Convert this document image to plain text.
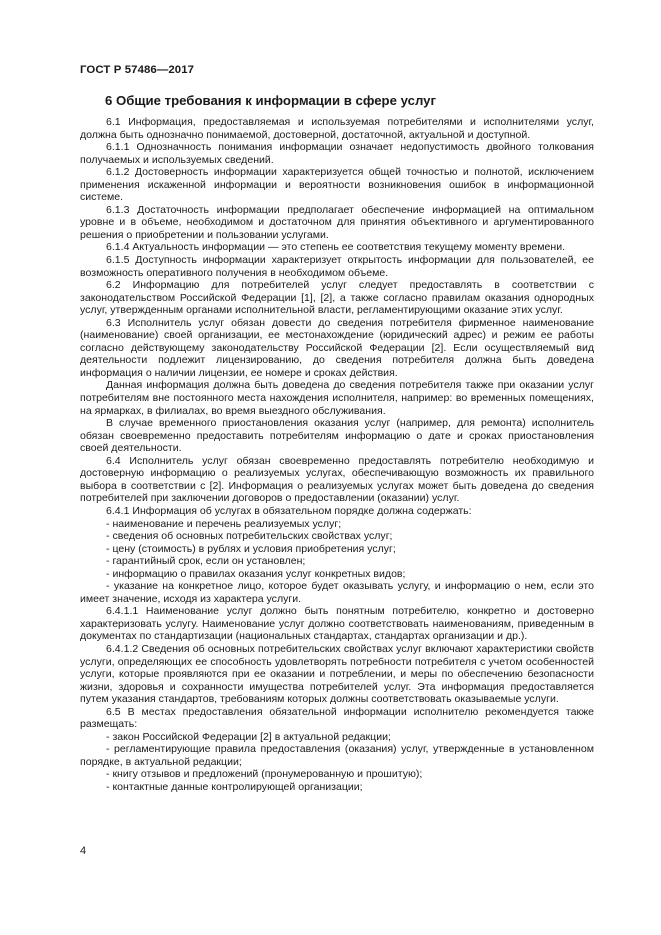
ГОСТ Р 57486—2017
6 Общие требования к информации в сфере услуг

6.1 Информация, предоставляемая и используемая потребителями и исполнителями услуг, должна быть однозначно понимаемой, достоверной, достаточной, актуальной и доступной.

6.1.1 Однозначность понимания информации означает недопустимость двойного толкования получаемых и используемых сведений.

6.1.2 Достоверность информации характеризуется общей точностью и полнотой, исключением применения искаженной информации и вероятности возникновения ошибок в информационной системе.

6.1.3 Достаточность информации предполагает обеспечение информацией на оптимальном уровне и в объеме, необходимом и достаточном для принятия объективного и аргументированного решения о приобретении и пользовании услугами.

6.1.4 Актуальность информации — это степень ее соответствия текущему моменту времени.

6.1.5 Доступность информации характеризует открытость информации для пользователей, ее возможность оперативного получения в необходимом объеме.

6.2 Информацию для потребителей услуг следует предоставлять в соответствии с законодательством Российской Федерации [1], [2], а также согласно правилам оказания однородных услуг, утвержденным органами исполнительной власти, регламентирующими оказание этих услуг.

6.3 Исполнитель услуг обязан довести до сведения потребителя фирменное наименование (наименование) своей организации, ее местонахождение (юридический адрес) и режим ее работы согласно действующему законодательству Российской Федерации [2]. Если осуществляемый вид деятельности подлежит лицензированию, до сведения потребителя должна быть доведена информация о наличии лицензии, ее номере и сроках действия.

Данная информация должна быть доведена до сведения потребителя также при оказании услуг потребителям вне постоянного места нахождения исполнителя, например: во временных помещениях, на ярмарках, в филиалах, во время выездного обслуживания.

В случае временного приостановления оказания услуг (например, для ремонта) исполнитель обязан своевременно предоставить потребителям информацию о дате и сроках приостановления своей деятельности.

6.4 Исполнитель услуг обязан своевременно предоставлять потребителю необходимую и достоверную информацию о реализуемых услугах, обеспечивающую возможность их правильного выбора в соответствии с [2]. Информация о реализуемых услугах может быть доведена до сведения потребителей при заключении договоров о предоставлении (оказании) услуг.

6.4.1 Информация об услугах в обязательном порядке должна содержать:

- наименование и перечень реализуемых услуг;

- сведения об основных потребительских свойствах услуг;

- цену (стоимость) в рублях и условия приобретения услуг;

- гарантийный срок, если он установлен;

- информацию о правилах оказания услуг конкретных видов;

- указание на конкретное лицо, которое будет оказывать услугу, и информацию о нем, если это имеет значение, исходя из характера услуги.

6.4.1.1 Наименование услуг должно быть понятным потребителю, конкретно и достоверно характеризовать услугу. Наименование услуг должно соответствовать наименованиям, приведенным в документах по стандартизации (национальных стандартах, стандартах организации и др.).

6.4.1.2 Сведения об основных потребительских свойствах услуг включают характеристики свойств услуги, определяющих ее способность удовлетворять потребности потребителя с учетом особенностей услуги, которые проявляются при ее оказании и потреблении, и меры по обеспечению безопасности жизни, здоровья и сохранности имущества потребителей услуг. Эта информация предоставляется путем указания стандартов, требованиям которых должны соответствовать оказываемые услуги.

6.5 В местах предоставления обязательной информации исполнителю рекомендуется также размещать:

- закон Российской Федерации [2] в актуальной редакции;

- регламентирующие правила предоставления (оказания) услуг, утвержденные в установленном порядке, в актуальной редакции;

- книгу отзывов и предложений (пронумерованную и прошитую);

- контактные данные контролирующей организации;

4
